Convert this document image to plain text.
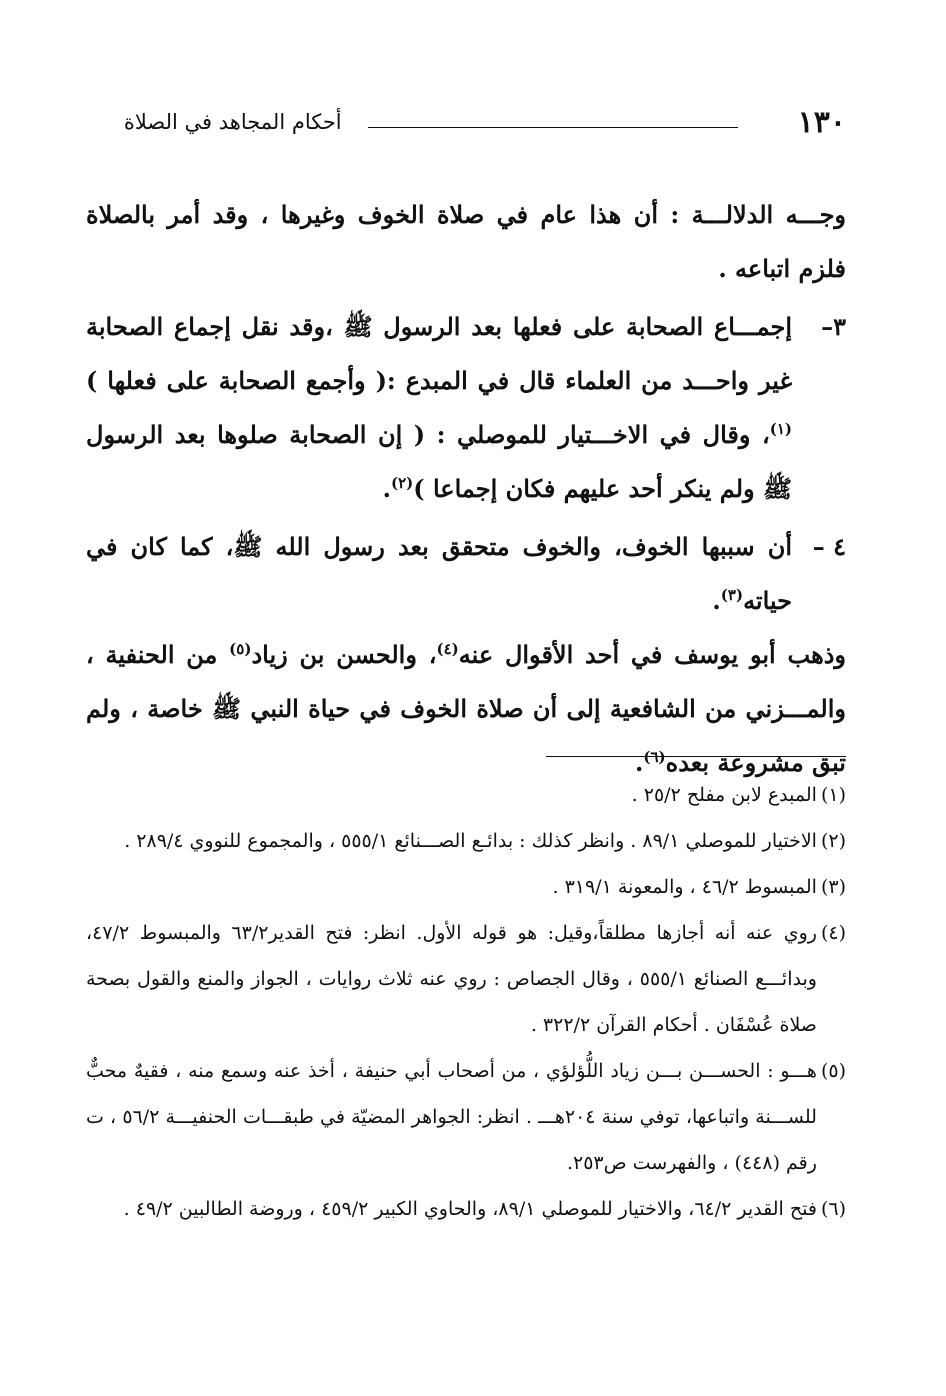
١٣٠
أحكام المجاهد في الصلاة

وجـــه الدلالـــة : أن هذا عام في صلاة الخوف وغيرها ، وقد أمر بالصلاة فلزم اتباعه .

٣–
إجمـــاع الصحابة على فعلها بعد الرسول ﷺ ،وقد نقل إجماع الصحابة غير واحـــد من العلماء قال في المبدع :( وأجمع الصحابة على فعلها )$^{(١)}$، وقال في الاخـــتيار للموصلي : ( إن الصحابة صلوها بعد الرسول ﷺ ولم ينكر أحد عليهم فكان إجماعا )$^{(٢)}$.
٤ –
أن سببها الخوف، والخوف متحقق بعد رسول الله ﷺ، كما كان في حياته$^{(٣)}$.

وذهب أبو يوسف في أحد الأقوال عنه$^{(٤)}$، والحسن بن زياد$^{(٥)}$ من الحنفية ، والمـــزني من الشافعية إلى أن صلاة الخوف في حياة النبي ﷺ خاصة ، ولم تبق مشروعة بعده$^{(٦)}$.

(١)
المبدع لابن مفلح ٢٥/٢ .
(٢)
الاختيار للموصلي ٨٩/١ . وانظر كذلك : بدائـع الصـــنائع ٥٥٥/١ ، والمجموع للنووي ٢٨٩/٤ .
(٣)
المبسوط ٤٦/٢ ، والمعونة ٣١٩/١ .
(٤)
روي عنه أنه أجازها مطلقاً،وقيل: هو قوله الأول. انظر: فتح القدير٦٣/٢ والمبسوط ٤٧/٢، وبدائـــع الصنائع ٥٥٥/١ ، وقال الجصاص : روي عنه ثلاث روايات ، الجواز والمنع والقول بصحة صلاة عُسْفَان . أحكام القرآن ٣٢٢/٢ .
(٥)
هـــو : الحســـن بـــن زياد اللُّؤلؤي ، من أصحاب أبي حنيفة ، أخذ عنه وسمع منه ، فقيهٌ محبٌّ للســـنة واتباعها، توفي سنة ٢٠٤هـــ . انظر: الجواهر المضيّة في طبقـــات الحنفيـــة ٥٦/٢ ، ت رقم (٤٤٨) ، والفهرست ص٢٥٣.
(٦)
فتح القدير ٦٤/٢، والاختيار للموصلي ٨٩/١، والحاوي الكبير ٤٥٩/٢ ، وروضة الطالبين ٤٩/٢ .
